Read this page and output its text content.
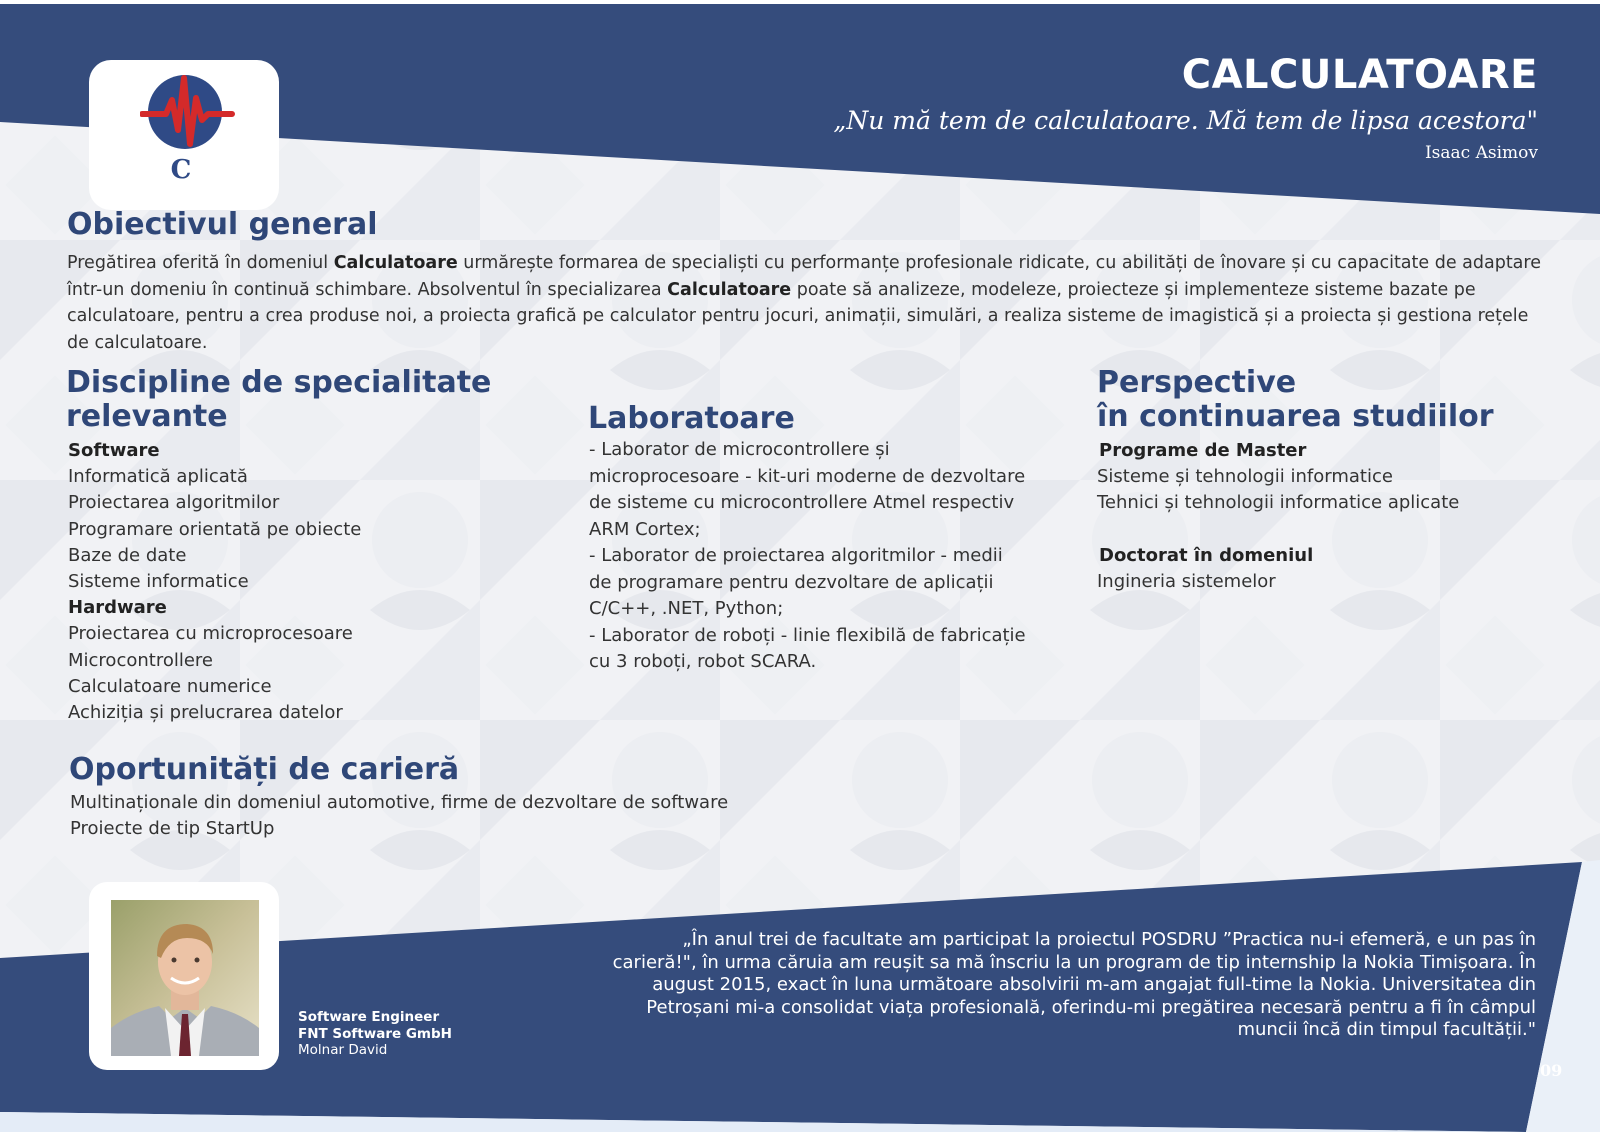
C
CALCULATOARE
„Nu mă tem de calculatoare. Mă tem de lipsa acestora"
Isaac Asimov
Obiectivul general
Pregătirea oferită în domeniul Calculatoare urmărește formarea de specialiști cu performanțe profesionale ridicate, cu abilități de înovare și cu capacitate de adaptare într-un domeniu în continuă schimbare. Absolventul în specializarea Calculatoare poate să analizeze, modeleze, proiecteze și implementeze sisteme bazate pe calculatoare, pentru a crea produse noi, a proiecta grafică pe calculator pentru jocuri, animații, simulări, a realiza sisteme de imagistică și a proiecta și gestiona rețele de calculatoare.
Discipline de specialitate
relevante
Software
Informatică aplicată
Proiectarea algoritmilor
Programare orientată pe obiecte
Baze de date
Sisteme informatice
Hardware
Proiectarea cu microprocesoare
Microcontrollere
Calculatoare numerice
Achiziția și prelucrarea datelor
Laboratoare

- Laborator de microcontrollere și microprocesoare - kit-uri moderne de dezvoltare de sisteme cu microcontrollere Atmel respectiv ARM Cortex;

- Laborator de proiectarea algoritmilor - medii de programare pentru dezvoltare de aplicații C/C++, .NET, Python;

- Laborator de roboți - linie flexibilă de fabricație cu 3 roboți, robot SCARA.

Perspective
în continuarea studiilor
Programe de Master
Sisteme și tehnologii informatice
Tehnici și tehnologii informatice aplicate
Doctorat în domeniul
Ingineria sistemelor
Oportunități de carieră
Multinaționale din domeniul automotive, firme de dezvoltare de software
Proiecte de tip StartUp
Software Engineer
FNT Software GmbH
Molnar David
„În anul trei de facultate am participat la proiectul POSDRU ”Practica nu-i efemeră, e un pas în carieră!", în urma căruia am reușit sa mă înscriu la un program de tip internship la Nokia Timișoara. În august 2015, exact în luna următoare absolvirii m-am angajat full-time la Nokia. Universitatea din Petroșani mi-a consolidat viața profesională, oferindu-mi pregătirea necesară pentru a fi în câmpul muncii încă din timpul facultății."
09
